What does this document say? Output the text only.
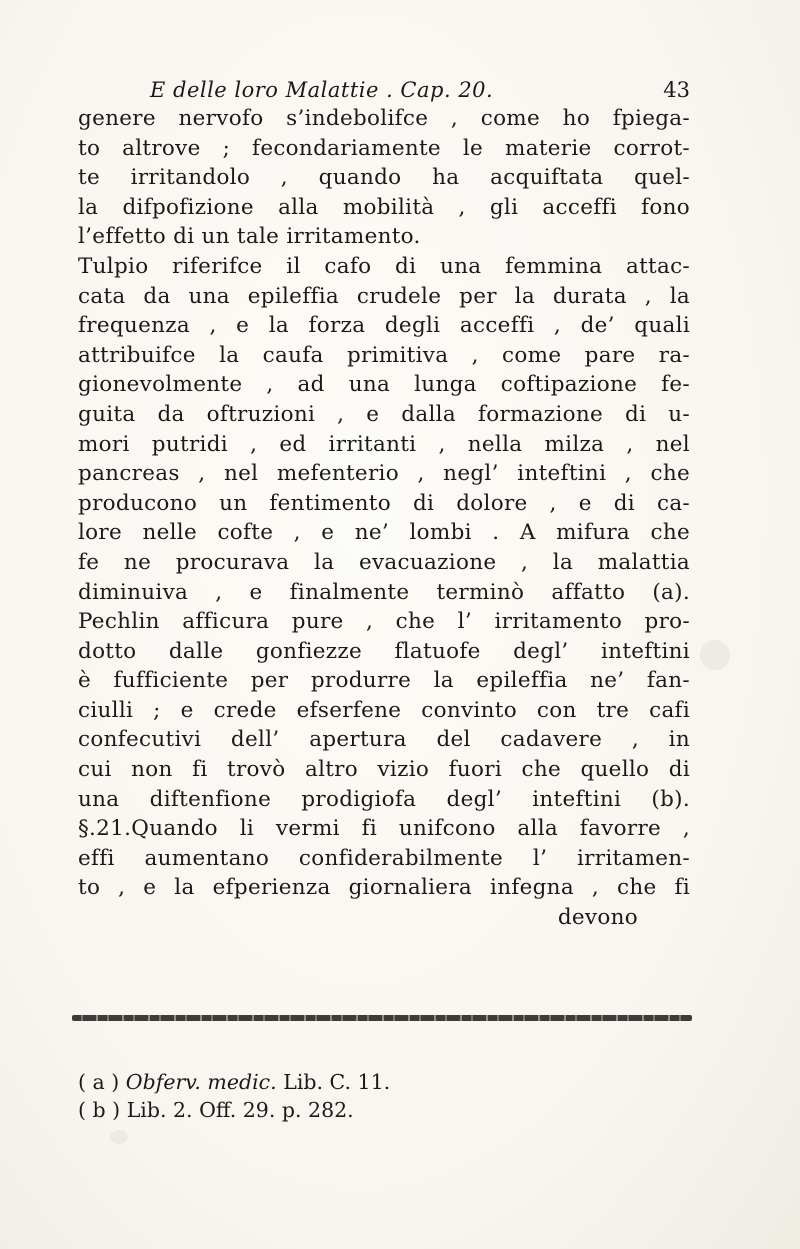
E delle loro Malattie . Cap. 20.	43
genere nervofo s’indebolifce , come ho fpiega-
to altrove ; fecondariamente le materie corrot-
te irritandolo , quando ha acquiftata quel-
la difpofizione alla mobilità , gli acceffi fono
l’effetto di un tale irritamento.
Tulpio riferifce il cafo di una femmina attac-
cata da una epileffia crudele per la durata , la
frequenza , e la forza degli acceffi , de’ quali
attribuifce la caufa primitiva , come pare ra-
gionevolmente , ad una lunga coftipazione fe-
guita da oftruzioni , e dalla formazione di u-
mori putridi , ed irritanti , nella milza , nel
pancreas , nel mefenterio , negl’ inteftini , che
producono un fentimento di dolore , e di ca-
lore nelle cofte , e ne’ lombi . A mifura che
fe ne procurava la evacuazione , la malattia
diminuiva , e finalmente terminò affatto (a).
Pechlin afficura pure , che l’ irritamento pro-
dotto dalle gonfiezze flatuofe degl’ inteftini
è fufficiente per produrre la epileffia ne’ fan-
ciulli ; e crede efserfene convinto con tre cafi
confecutivi dell’ apertura del cadavere , in
cui non fi trovò altro vizio fuori che quello di
una diftenfione prodigiofa degl’ inteftini (b).
§.21.Quando li vermi fi unifcono alla favorre ,
effi aumentano confiderabilmente l’ irritamen-
to , e la efperienza giornaliera infegna , che fi
devono
( a ) Obferv. medic. Lib. C. 11.
( b ) Lib. 2. Off. 29. p. 282.
